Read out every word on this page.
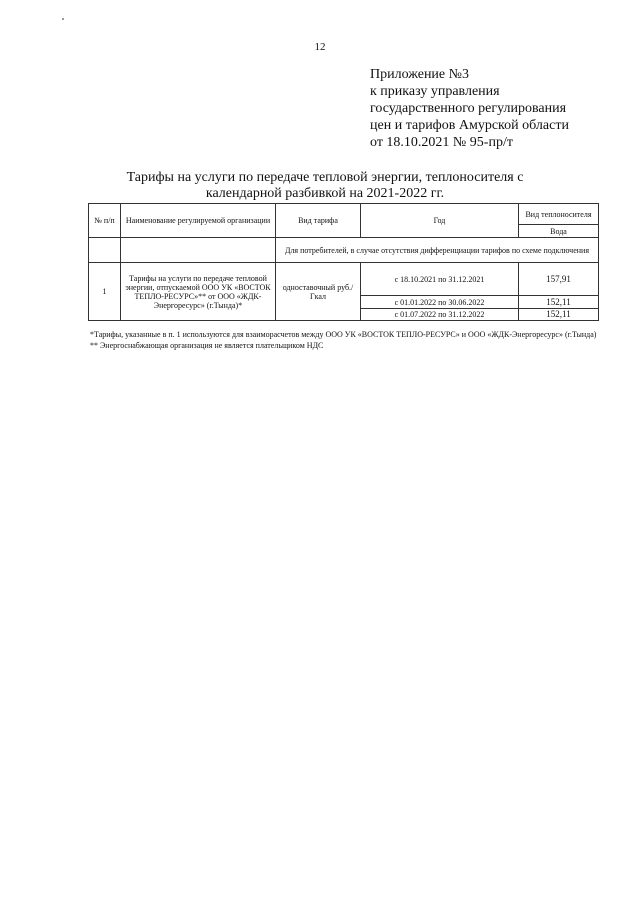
12
Приложение №3
к приказу управления
государственного регулирования
цен и тарифов Амурской области
от 18.10.2021 № 95-пр/т
Тарифы на услуги по передаче тепловой энергии, теплоносителя с
календарной разбивкой на 2021-2022 гг.
№ п/п	Наименование регулируемой организации	Вид тарифа	Год	Вид теплоносителя
				Вода
		Для потребителей, в случае отсутствия дифференциации тарифов по схеме подключения		
1	Тарифы на услуги по передаче тепловой энергии, отпускаемой ООО УК «ВОСТОК ТЕПЛО-РЕСУРС»** от ООО «ЖДК-Энергоресурс» (г.Тында)*	одноставочный руб./Гкал	с 18.10.2021 по 31.12.2021	157,91
			с 01.01.2022 по 30.06.2022	152,11
			с 01.07.2022 по 31.12.2022	152,11

*Тарифы, указанные в п. 1 используются для взаиморасчетов между ООО УК «ВОСТОК ТЕПЛО-РЕСУРС» и ООО «ЖДК-Энергоресурс» (г.Тында)

** Энергоснабжающая организация не является плательщиком НДС
